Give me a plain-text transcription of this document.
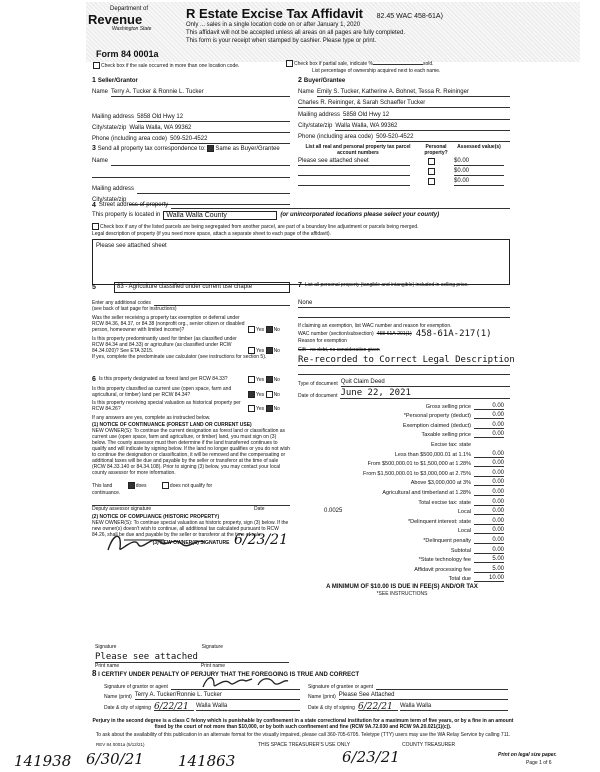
Department of
Revenue
Washington State
Form 84 0001a
R Estate Excise Tax Affidavit 82.45 WAC 458-61A)
Only ... sales in a single location code on or after January 1, 2020
This affidavit will not be accepted unless all areas on all pages are fully completed.
This form is your receipt when stamped by cashier. Please type or print.
Check box if the sale occurred in more than one location code.	Check box if partial sale, indicate %	sold.
List percentage of ownership acquired next to each name.
1 Seller/Grantor
Name Terry A. Tucker & Ronnie L. Tucker
Mailing address 5858 Old Hwy 12
City/state/zip Walla Walla, WA 99362
Phone (including area code) 509-520-4522
2 Buyer/Grantee
Name Emily S. Tucker, Katherine A. Bohnet, Tessa R. Reininger
Charles R. Reininger, & Sarah Schaeffer Tucker
Mailing address 5858 Old Hwy 12
City/state/zip Walla Walla, WA 99362
Phone (including area code) 509-520-4522
3 Send all property tax correspondence to: Same as Buyer/Grantee
Name
Mailing address
City/state/zip
List all real and personal property tax parcel account numbers
Personal property?
Assessed value(s)
Please see attached sheet	$0.00
$0.00
$0.00
4 Street address of property
This property is located in Walla Walla County	(or unincorporated locations please select your county)
Check box if any of the listed parcels are being segregated from another parcel, are part of a boundary line adjustment or parcels being merged.
Legal description of property (if you need more space, attach a separate sheet to each page of the affidavit).
Please see attached sheet
5	83 - Agriculture classified under current use chapte
Enter any additional codes
(see back of last page for instructions)
Was the seller receiving a property tax exemption or deferral under RCW 84.36, 84.37, or 84.38 (nonprofit org., senior citizen or disabled person, homeowner with limited income)?	Yes No
Is this property predominantly used for timber (as classified under RCW 84.34 and 84.33) or agriculture (as classified under RCW 84.34.020)? See ETA 3215.	Yes No
If yes, complete the predominate use calculator (see instructions for section 5).
6 Is this property designated as forest land per RCW 84.33?	Yes No
Is this property classified as current use (open space, farm and agricultural, or timber) land per RCW 84.34?	Yes No
Is this property receiving special valuation as historical property per RCW 84.26?	Yes No
If any answers are yes, complete as instructed below.
(1) NOTICE OF CONTINUANCE (FOREST LAND OR CURRENT USE)
NEW OWNER(S): To continue the current designation as forest land or classification as current use (open space, farm and agriculture, or timber) land, you must sign on (3) below. The county assessor must then determine if the land transferred continues to qualify and will indicate by signing below. If the land no longer qualifies or you do not wish to continue the designation or classification, it will be removed and the compensating or additional taxes will be due and payable by the seller or transferor at the time of sale (RCW 84.33.140 or 84.34.108). Prior to signing (3) below, you may contact your local county assessor for more information.
This land	does	does not qualify for
continuance.
Deputy assessor signature	Date
(2) NOTICE OF COMPLIANCE (HISTORIC PROPERTY)
NEW OWNER(S): To continue special valuation as historic property, sign (3) below. If the new owner(s) doesn't wish to continue, all additional tax calculated pursuant to RCW 84.26, shall be due and payable by the seller or transferor at the time of sale.
(3) NEW OWNER(S) SIGNATURE 6/23/21
Signature	Signature
Please see attached
Print name	Print name
7 List all personal property (tangible and intangible) included in selling price.
None
If claiming an exemption, list WAC number and reason for exemption.
WAC number (section/subsection) 458-61A-201(1) 458-61A-217(1)
Reason for exemption
Gift - no debt, no consideration given
Re-recorded to Correct Legal Description
Type of document Quit Claim Deed
Date of document June 22, 2021
Gross selling price	0.00
*Personal property (deduct)	0.00
Exemption claimed (deduct)	0.00
Taxable selling price	0.00
Excise tax: state
Less than $500,000.01 at 1.1%	0.00
From $500,000.01 to $1,500,000 at 1.28%	0.00
From $1,500,000.01 to $3,000,000 at 2.75%	0.00
Above $3,000,000 at 3%	0.00
Agricultural and timberland at 1.28%	0.00
Total excise tax: state	0.00
0.0025	Local	0.00
*Delinquent interest: state	0.00
Local	0.00
*Delinquent penalty	0.00
Subtotal	0.00
*State technology fee	5.00
Affidavit processing fee	5.00
Total due	10.00
A MINIMUM OF $10.00 IS DUE IN FEE(S) AND/OR TAX
*SEE INSTRUCTIONS
8 I CERTIFY UNDER PENALTY OF PERJURY THAT THE FOREGOING IS TRUE AND CORRECT
Signature of grantor or agent
Name (print) Terry A. Tucker/Ronnie L. Tucker
Date & city of signing 6/22/21	Walla Walla
Signature of grantee or agent
Name (print) Please See Attached
Date & city of signing 6/22/21	Walla Walla
Perjury in the second degree is a class C felony which is punishable by confinement in a state correctional institution for a maximum term of five years, or by a fine in an amount fixed by the court of not more than $10,000, or by both such confinement and fine (RCW 9A.72.030 and RCW 9A.20.021(1)(c)).
To ask about the availability of this publication in an alternate format for the visually impaired, please call 360-705-6705. Teletype (TTY) users may use the WA Relay Service by calling 711.
REV 84 0001a (5/12/21)	THIS SPACE TREASURER'S USE ONLY	COUNTY TREASURER
Print on legal size paper.
Page 1 of 6
141938 6/30/21 141863	6/23/21
